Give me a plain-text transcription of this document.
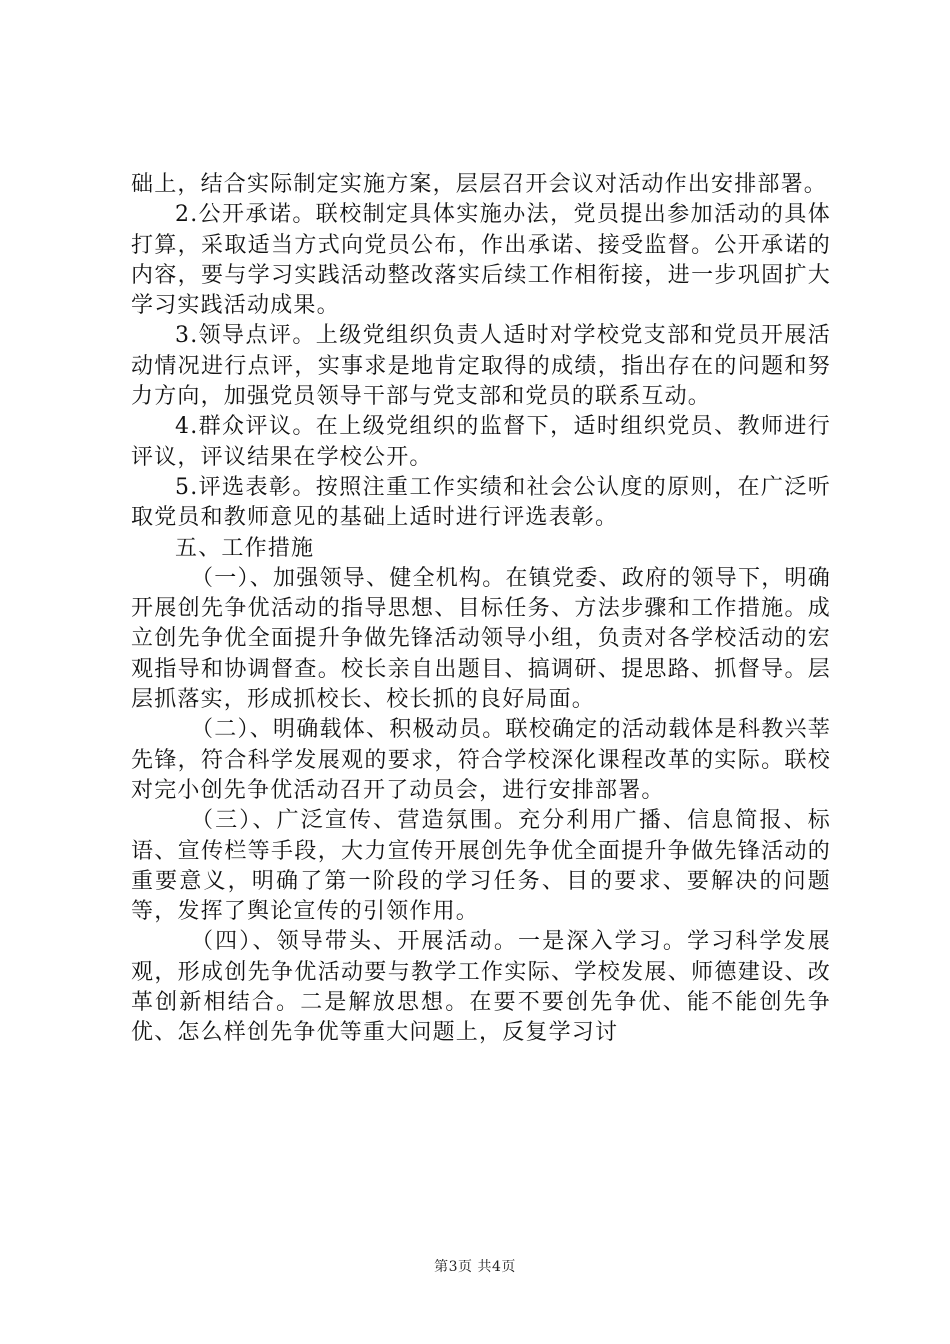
础上，结合实际制定实施方案，层层召开会议对活动作出安排部署。

2.公开承诺。联校制定具体实施办法，党员提出参加活动的具体打算，采取适当方式向党员公布，作出承诺、接受监督。公开承诺的内容，要与学习实践活动整改落实后续工作相衔接，进一步巩固扩大学习实践活动成果。

3.领导点评。上级党组织负责人适时对学校党支部和党员开展活动情况进行点评，实事求是地肯定取得的成绩，指出存在的问题和努力方向，加强党员领导干部与党支部和党员的联系互动。

4.群众评议。在上级党组织的监督下，适时组织党员、教师进行评议，评议结果在学校公开。

5.评选表彰。按照注重工作实绩和社会公认度的原则，在广泛听取党员和教师意见的基础上适时进行评选表彰。

五、工作措施

（一）、加强领导、健全机构。在镇党委、政府的领导下，明确开展创先争优活动的指导思想、目标任务、方法步骤和工作措施。成立创先争优全面提升争做先锋活动领导小组，负责对各学校活动的宏观指导和协调督查。校长亲自出题目、搞调研、提思路、抓督导。层层抓落实，形成抓校长、校长抓的良好局面。

（二）、明确载体、积极动员。联校确定的活动载体是科教兴莘先锋，符合科学发展观的要求，符合学校深化课程改革的实际。联校对完小创先争优活动召开了动员会，进行安排部署。

（三）、广泛宣传、营造氛围。充分利用广播、信息简报、标语、宣传栏等手段，大力宣传开展创先争优全面提升争做先锋活动的重要意义，明确了第一阶段的学习任务、目的要求、要解决的问题等，发挥了舆论宣传的引领作用。

（四）、领导带头、开展活动。一是深入学习。学习科学发展观，形成创先争优活动要与教学工作实际、学校发展、师德建设、改革创新相结合。二是解放思想。在要不要创先争优、能不能创先争优、怎么样创先争优等重大问题上，反复学习讨

第3页 共4页
